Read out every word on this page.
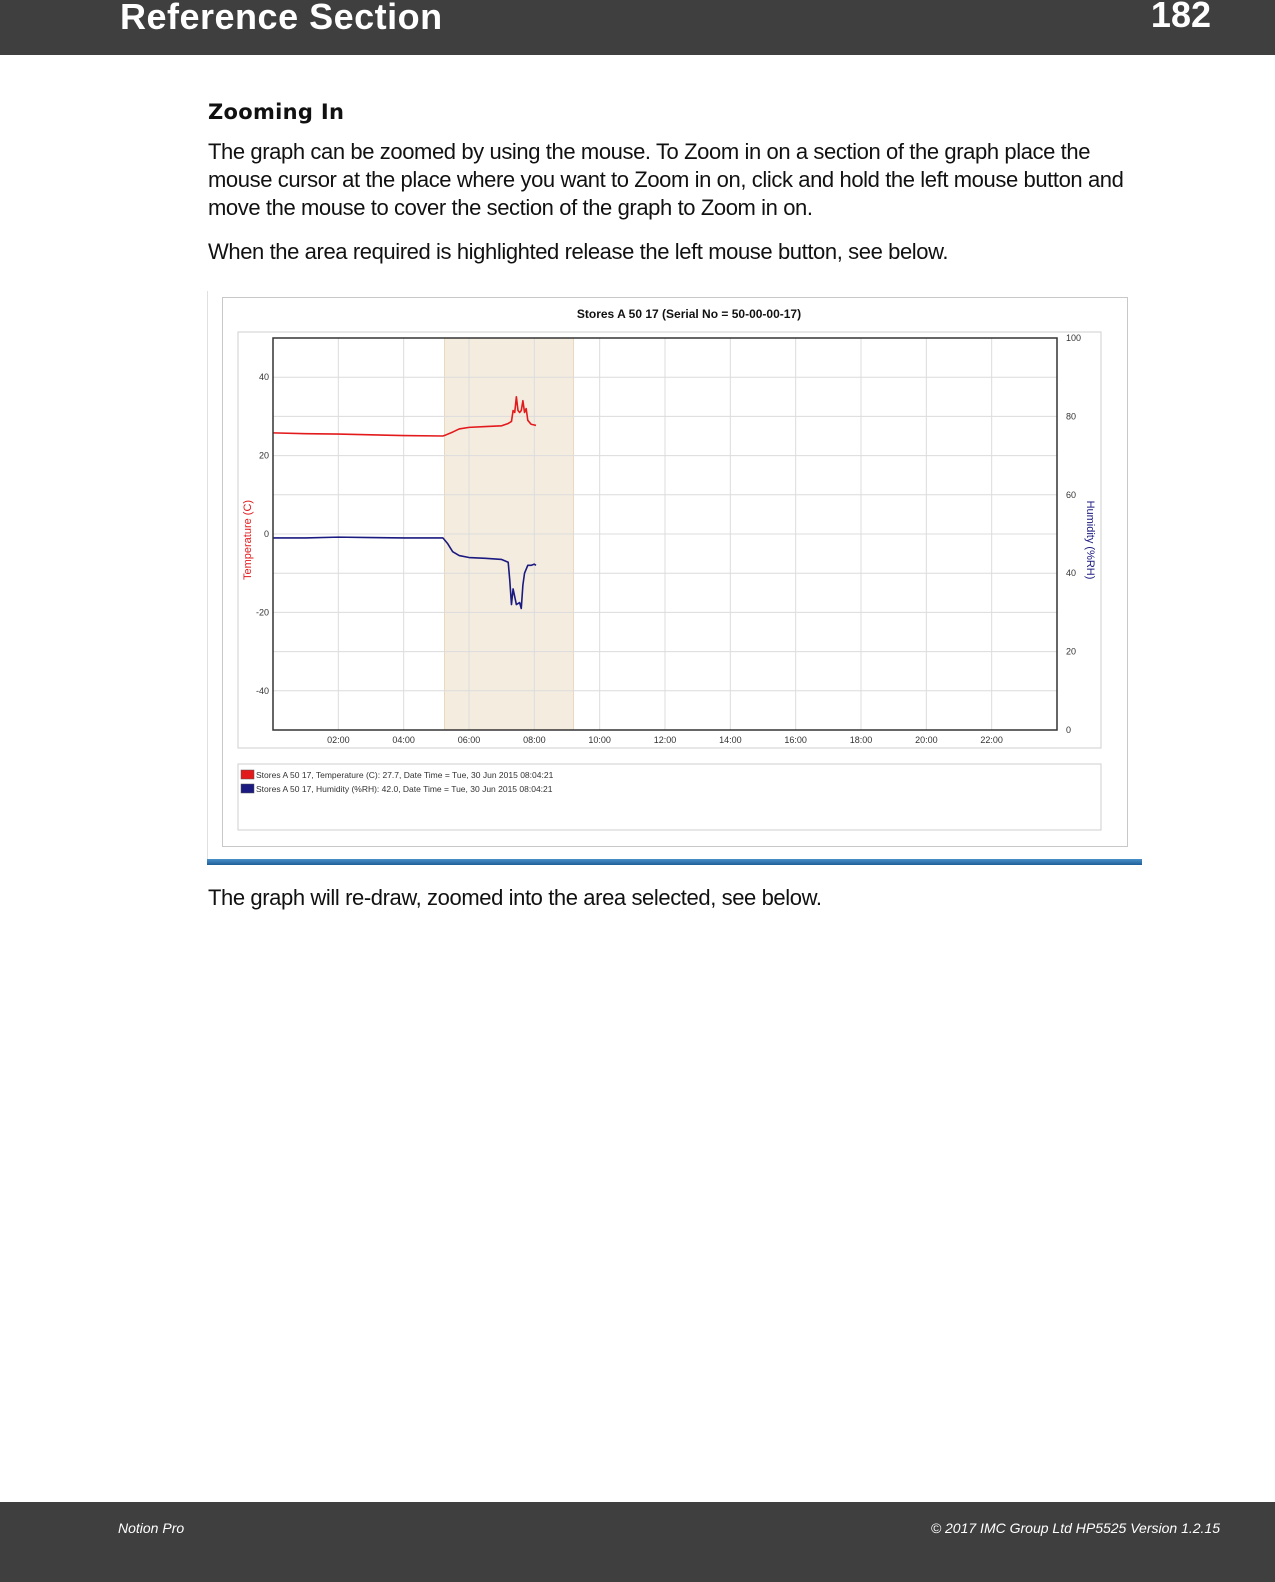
Reference Section	182
Zooming In

The graph can be zoomed by using the mouse. To Zoom in on a section of the graph place the mouse cursor at the place where you want to Zoom in on, click and hold the left mouse button and move the mouse to cover the section of the graph to Zoom in on.

When the area required is highlighted release the left mouse button, see below.

Stores A 50 17 (Serial No = 50-00-00-17)
Temperature (C)	Humidity (%RH)
02:00	04:00	06:00	08:00	10:00	12:00	14:00	16:00	18:00	20:00	22:00
40
20
0
-20
-40
100
80
60
40
20
0
Stores A 50 17, Temperature (C): 27.7, Date Time = Tue, 30 Jun 2015 08:04:21
Stores A 50 17, Humidity (%RH): 42.0, Date Time = Tue, 30 Jun 2015 08:04:21

The graph will re-draw, zoomed into the area selected, see below.

Notion Pro	© 2017 IMC Group Ltd HP5525 Version 1.2.15
